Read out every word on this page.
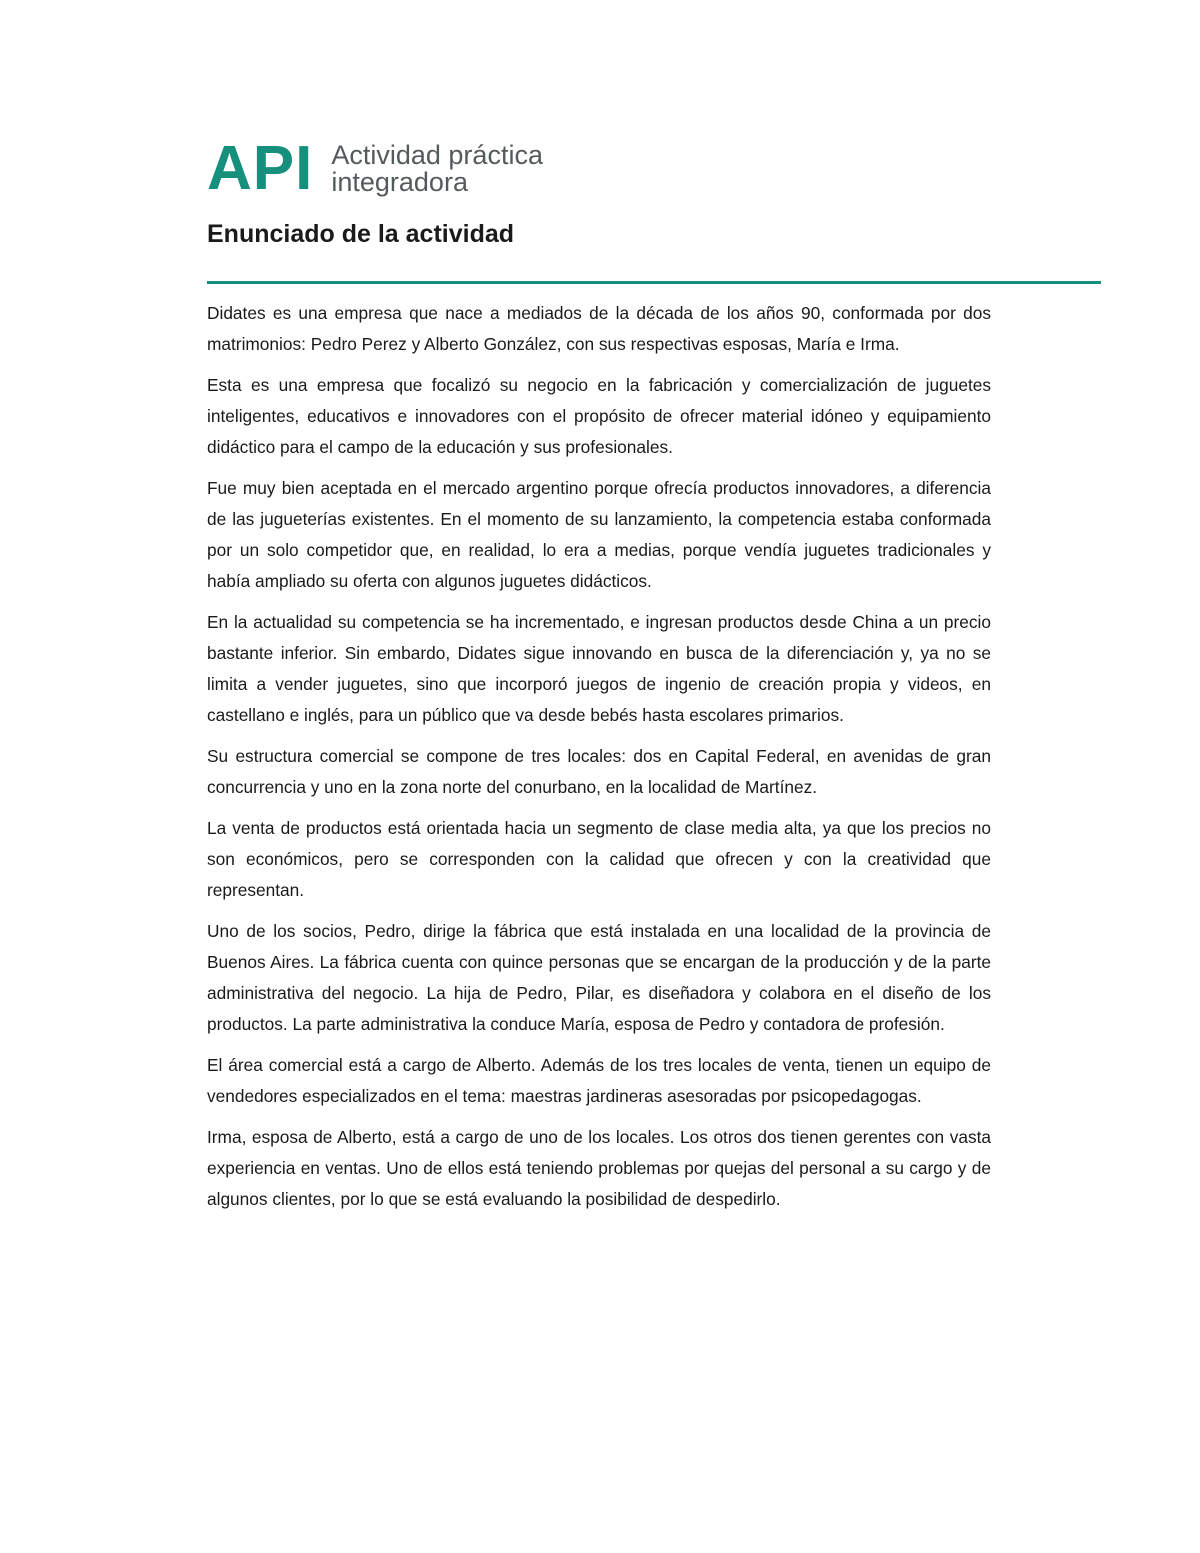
API Actividad práctica
integradora
Enunciado de la actividad

Didates es una empresa que nace a mediados de la década de los años 90, conformada por dos matrimonios: Pedro Perez y Alberto González, con sus respectivas esposas, María e Irma.

Esta es una empresa que focalizó su negocio en la fabricación y comercialización de juguetes inteligentes, educativos e innovadores con el propósito de ofrecer material idóneo y equipamiento didáctico para el campo de la educación y sus profesionales.

Fue muy bien aceptada en el mercado argentino porque ofrecía productos innovadores, a diferencia de las jugueterías existentes. En el momento de su lanzamiento, la competencia estaba conformada por un solo competidor que, en realidad, lo era a medias, porque vendía juguetes tradicionales y había ampliado su oferta con algunos juguetes didácticos.

En la actualidad su competencia se ha incrementado, e ingresan productos desde China a un precio bastante inferior. Sin embardo, Didates sigue innovando en busca de la diferenciación y, ya no se limita a vender juguetes, sino que incorporó juegos de ingenio de creación propia y videos, en castellano e inglés, para un público que va desde bebés hasta escolares primarios.

Su estructura comercial se compone de tres locales: dos en Capital Federal, en avenidas de gran concurrencia y uno en la zona norte del conurbano, en la localidad de Martínez.

La venta de productos está orientada hacia un segmento de clase media alta, ya que los precios no son económicos, pero se corresponden con la calidad que ofrecen y con la creatividad que representan.

Uno de los socios, Pedro, dirige la fábrica que está instalada en una localidad de la provincia de Buenos Aires. La fábrica cuenta con quince personas que se encargan de la producción y de la parte administrativa del negocio. La hija de Pedro, Pilar, es diseñadora y colabora en el diseño de los productos. La parte administrativa la conduce María, esposa de Pedro y contadora de profesión.

El área comercial está a cargo de Alberto. Además de los tres locales de venta, tienen un equipo de vendedores especializados en el tema: maestras jardineras asesoradas por psicopedagogas.

Irma, esposa de Alberto, está a cargo de uno de los locales. Los otros dos tienen gerentes con vasta experiencia en ventas. Uno de ellos está teniendo problemas por quejas del personal a su cargo y de algunos clientes, por lo que se está evaluando la posibilidad de despedirlo.
